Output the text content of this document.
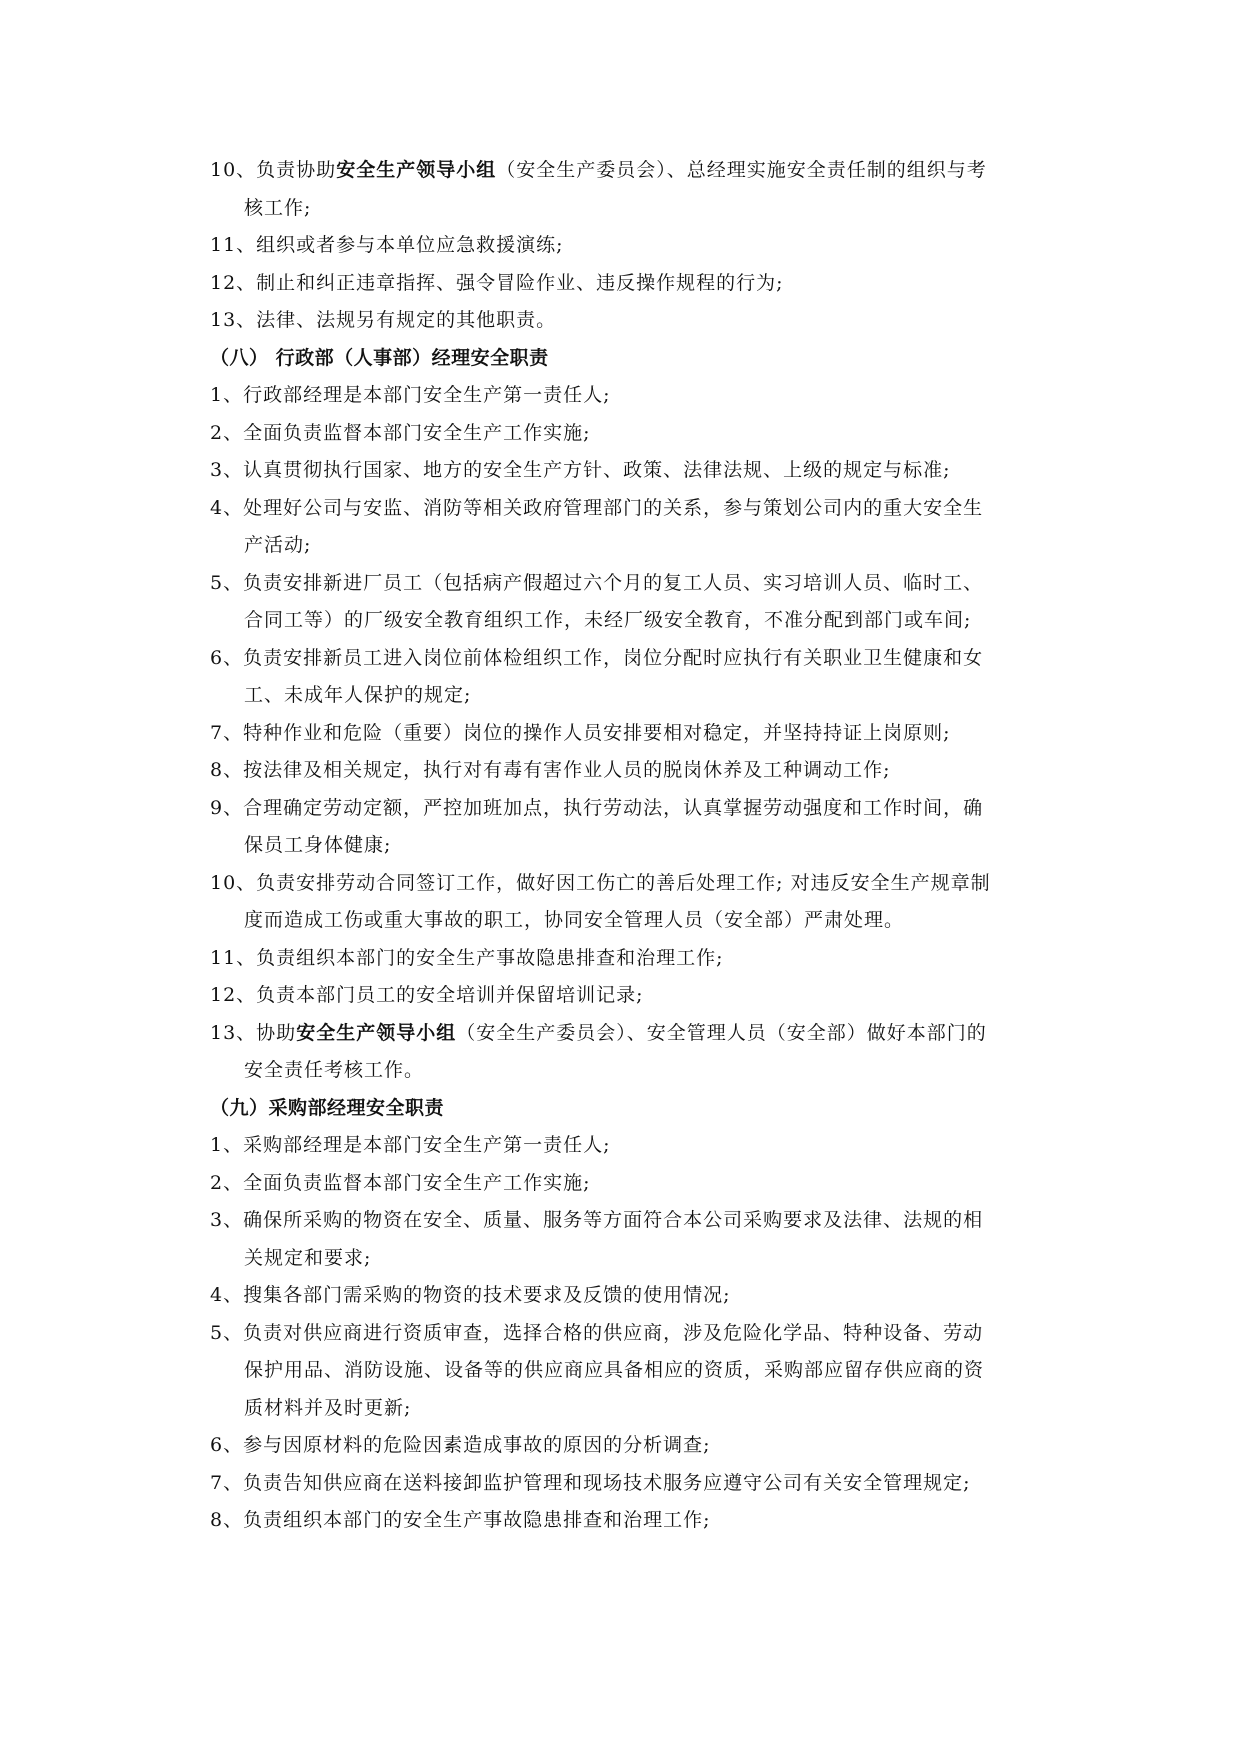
10、负责协助安全生产领导小组（安全生产委员会）、总经理实施安全责任制的组织与考
核工作;
11、组织或者参与本单位应急救援演练;
12、制止和纠正违章指挥、强令冒险作业、违反操作规程的行为;
13、法律、法规另有规定的其他职责。
（八） 行政部（人事部）经理安全职责
1、行政部经理是本部门安全生产第一责任人;
2、全面负责监督本部门安全生产工作实施;
3、认真贯彻执行国家、地方的安全生产方针、政策、法律法规、上级的规定与标准;
4、处理好公司与安监、消防等相关政府管理部门的关系，参与策划公司内的重大安全生
产活动;
5、负责安排新进厂员工（包括病产假超过六个月的复工人员、实习培训人员、临时工、
合同工等）的厂级安全教育组织工作，未经厂级安全教育，不准分配到部门或车间;
6、负责安排新员工进入岗位前体检组织工作，岗位分配时应执行有关职业卫生健康和女
工、未成年人保护的规定;
7、特种作业和危险（重要）岗位的操作人员安排要相对稳定，并坚持持证上岗原则;
8、按法律及相关规定，执行对有毒有害作业人员的脱岗休养及工种调动工作;
9、合理确定劳动定额，严控加班加点，执行劳动法，认真掌握劳动强度和工作时间，确
保员工身体健康;
10、负责安排劳动合同签订工作，做好因工伤亡的善后处理工作; 对违反安全生产规章制
度而造成工伤或重大事故的职工，协同安全管理人员（安全部）严肃处理。
11、负责组织本部门的安全生产事故隐患排查和治理工作;
12、负责本部门员工的安全培训并保留培训记录;
13、协助安全生产领导小组（安全生产委员会）、安全管理人员（安全部）做好本部门的
安全责任考核工作。
（九）采购部经理安全职责
1、采购部经理是本部门安全生产第一责任人;
2、全面负责监督本部门安全生产工作实施;
3、确保所采购的物资在安全、质量、服务等方面符合本公司采购要求及法律、法规的相
关规定和要求;
4、搜集各部门需采购的物资的技术要求及反馈的使用情况;
5、负责对供应商进行资质审查，选择合格的供应商，涉及危险化学品、特种设备、劳动
保护用品、消防设施、设备等的供应商应具备相应的资质，采购部应留存供应商的资
质材料并及时更新;
6、参与因原材料的危险因素造成事故的原因的分析调查;
7、负责告知供应商在送料接卸监护管理和现场技术服务应遵守公司有关安全管理规定;
8、负责组织本部门的安全生产事故隐患排查和治理工作;
